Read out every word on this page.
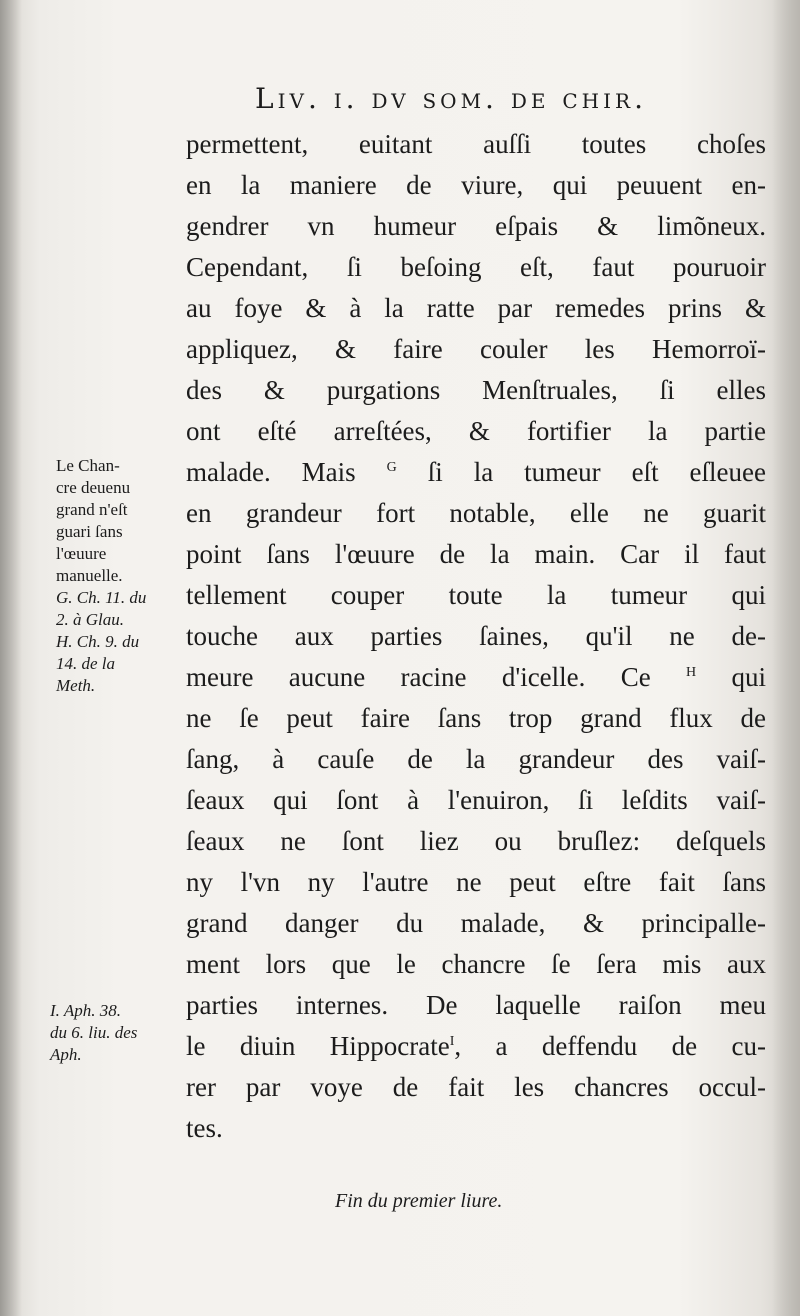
Liv. i. dv som. de chir.
permettent, euitant auſſi toutes choſes
en la maniere de viure, qui peuuent en-
gendrer vn humeur eſpais & limõneux.
Cependant, ſi beſoing eſt, faut pouruoir
au foye & à la ratte par remedes prins &
appliquez, & faire couler les Hemorroï-
des & purgations Menſtruales, ſi elles
ont eſté arreſtées, & fortifier la partie
malade. Mais $^G$ ſi la tumeur eſt eſleuee
en grandeur fort notable, elle ne guarit
point ſans l'œuure de la main. Car il faut
tellement couper toute la tumeur qui
touche aux parties ſaines, qu'il ne de-
meure aucune racine d'icelle. Ce	$^H$ qui
ne ſe peut faire ſans trop grand flux de
ſang, à cauſe de la grandeur des vaiſ-
ſeaux qui ſont à l'enuiron, ſi leſdits vaiſ-
ſeaux ne ſont liez ou bruſlez: deſquels
ny l'vn ny l'autre ne peut eſtre fait ſans
grand danger du malade, & principalle-
ment lors que le chancre ſe ſera mis aux
parties internes. De laquelle raiſon meu
le diuin Hippocrate$^I$, a deffendu de cu-
rer par voye de fait les chancres occul-
tes.
Le Chan-
cre deuenu
grand n'eſt
guari ſans
l'œuure
manuelle.
G. Ch. 11. du
2. à Glau.
H. Ch. 9. du
14. de la
Meth.
I. Aph. 38.
du 6. liu. des
Aph.
Fin du premier liure.
